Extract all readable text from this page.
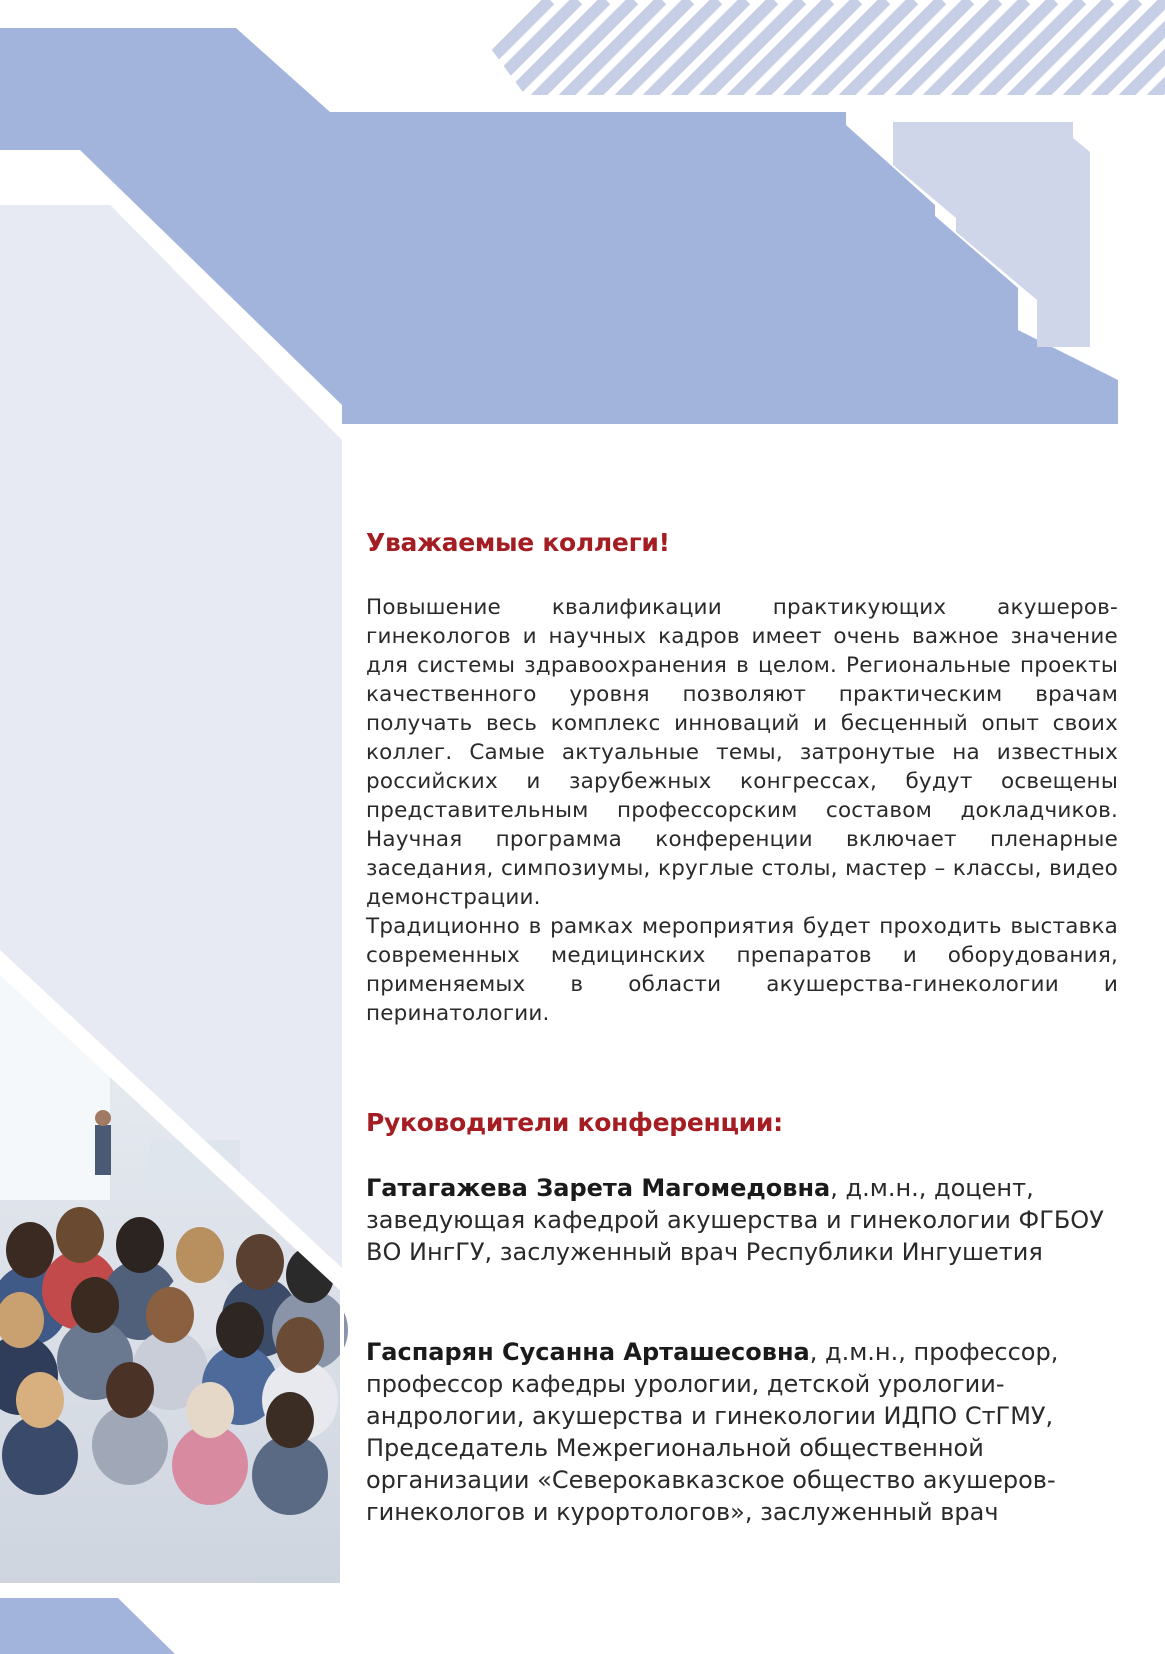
Уважаемые коллеги!

Повышение квалификации практикующих акушеров-гинекологов и научных кадров имеет очень важное значение для системы здравоохранения в целом. Региональные проекты качественного уровня позволяют практическим врачам получать весь комплекс инноваций и бесценный опыт своих коллег. Самые актуальные темы, затронутые на известных российских и зарубежных конгрессах, будут освещены представительным профессорским составом докладчиков. Научная программа конференции включает пленарные заседания, симпозиумы, круглые столы, мастер – классы, видео демонстрации.

Традиционно в рамках мероприятия будет проходить выставка современных медицинских препаратов и оборудования, применяемых в области акушерства-гинекологии и перинатологии.

Руководители конференции:

Гатагажева Зарета Магомедовна, д.м.н., доцент, заведующая кафедрой акушерства и гинекологии ФГБОУ ВО ИнгГУ, заслуженный врач Республики Ингушетия

Гаспарян Сусанна Арташесовна, д.м.н., профессор, профессор кафедры урологии, детской урологии-андрологии, акушерства и гинекологии ИДПО СтГМУ, Председатель Межрегиональной общественной организации «Северокавказское общество акушеров-гинекологов и курортологов», заслуженный врач
